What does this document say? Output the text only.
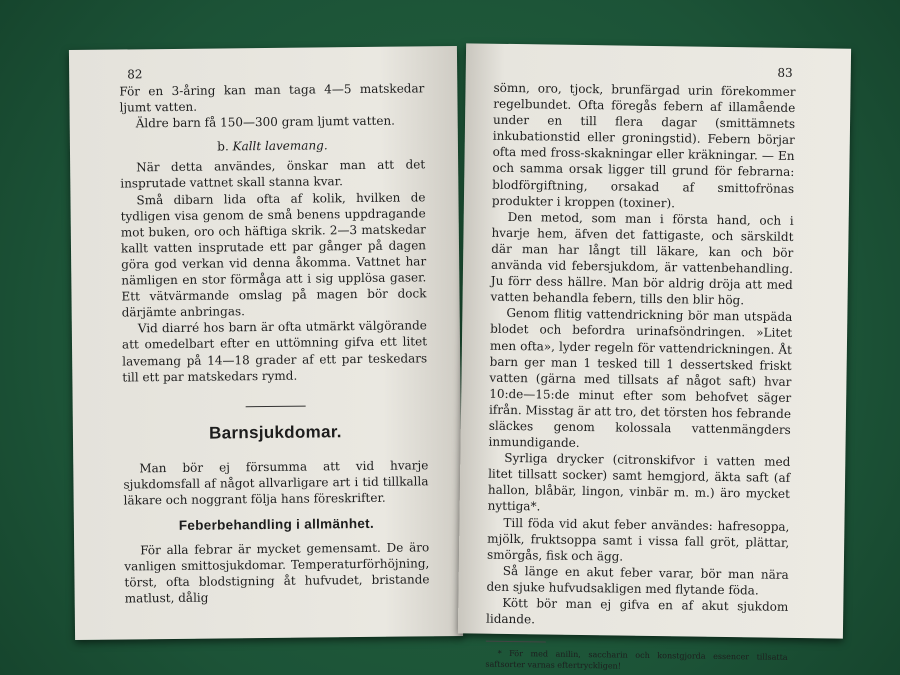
82

För en 3-åring kan man taga 4—5 matskedar ljumt vatten.

Äldre barn få 150—300 gram ljumt vatten.

b. Kallt lavemang.

När detta användes, önskar man att det insprutade vattnet skall stanna kvar.

Små dibarn lida ofta af kolik, hvilken de tydligen visa genom de små benens uppdragande mot buken, oro och häftiga skrik. 2—3 matskedar kallt vatten insprutade ett par gånger på dagen göra god verkan vid denna åkomma. Vattnet har nämligen en stor förmåga att i sig upplösa gaser. Ett vätvärmande omslag på magen bör dock därjämte anbringas.

Vid diarré hos barn är ofta utmärkt välgörande att omedelbart efter en uttömning gifva ett litet lavemang på 14—18 grader af ett par teskedars till ett par matskedars rymd.

Barnsjukdomar.

Man bör ej försumma att vid hvarje sjukdomsfall af något allvarligare art i tid tillkalla läkare och noggrant följa hans föreskrifter.

Feberbehandling i allmänhet.

För alla febrar är mycket gemensamt. De äro vanligen smittosjukdomar. Temperaturförhöjning, törst, ofta blodstigning åt hufvudet, bristande matlust, dålig

83

sömn, oro, tjock, brunfärgad urin förekommer regelbundet. Ofta föregås febern af illamående under en till flera dagar (smittämnets inkubationstid eller groningstid). Febern börjar ofta med fross-skakningar eller kräkningar. — En och samma orsak ligger till grund för febrarna: blodförgiftning, orsakad af smittofrönas produkter i kroppen (toxiner).

Den metod, som man i första hand, och i hvarje hem, äfven det fattigaste, och särskildt där man har långt till läkare, kan och bör använda vid febersjukdom, är vattenbehandling. Ju förr dess hällre. Man bör aldrig dröja att med vatten behandla febern, tills den blir hög.

Genom flitig vattendrickning bör man utspäda blodet och befordra urinafsöndringen. »Litet men ofta», lyder regeln för vattendrickningen. Åt barn ger man 1 tesked till 1 dessertsked friskt vatten (gärna med tillsats af något saft) hvar 10:de—15:de minut efter som behofvet säger ifrån. Misstag är att tro, det törsten hos febrande släckes genom kolossala vattenmängders inmundigande.

Syrliga drycker (citronskifvor i vatten med litet tillsatt socker) samt hemgjord, äkta saft (af hallon, blåbär, lingon, vinbär m. m.) äro mycket nyttiga*.

Till föda vid akut feber användes: hafresoppa, mjölk, fruktsoppa samt i vissa fall gröt, plättar, smörgås, fisk och ägg.

Så länge en akut feber varar, bör man nära den sjuke hufvudsakligen med flytande föda.

Kött bör man ej gifva en af akut sjukdom lidande.

* För med anilin, saccharin och konstgjorda essencer tillsatta saftsorter varnas eftertryckligen!
